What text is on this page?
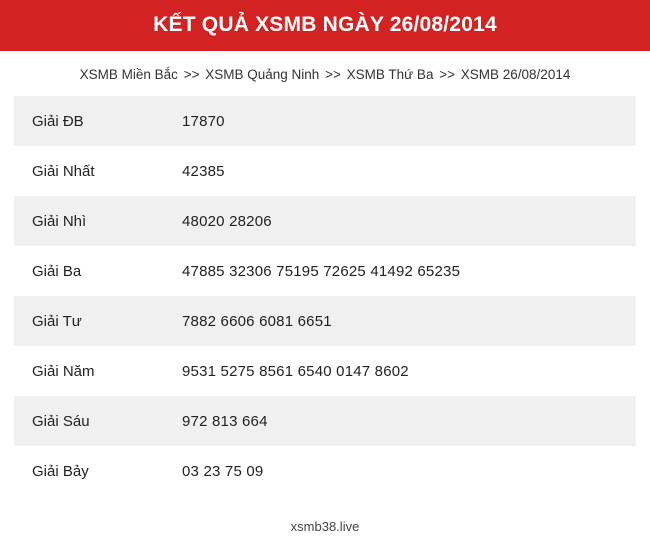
KẾT QUẢ XSMB NGÀY 26/08/2014
XSMB Miền Bắc >> XSMB Quảng Ninh >> XSMB Thứ Ba >> XSMB 26/08/2014
Giải ĐB	17870
Giải Nhất	42385
Giải Nhì	48020 28206
Giải Ba	47885 32306 75195 72625 41492 65235
Giải Tư	7882 6606 6081 6651
Giải Năm	9531 5275 8561 6540 0147 8602
Giải Sáu	972 813 664
Giải Bảy	03 23 75 09
xsmb38.live
